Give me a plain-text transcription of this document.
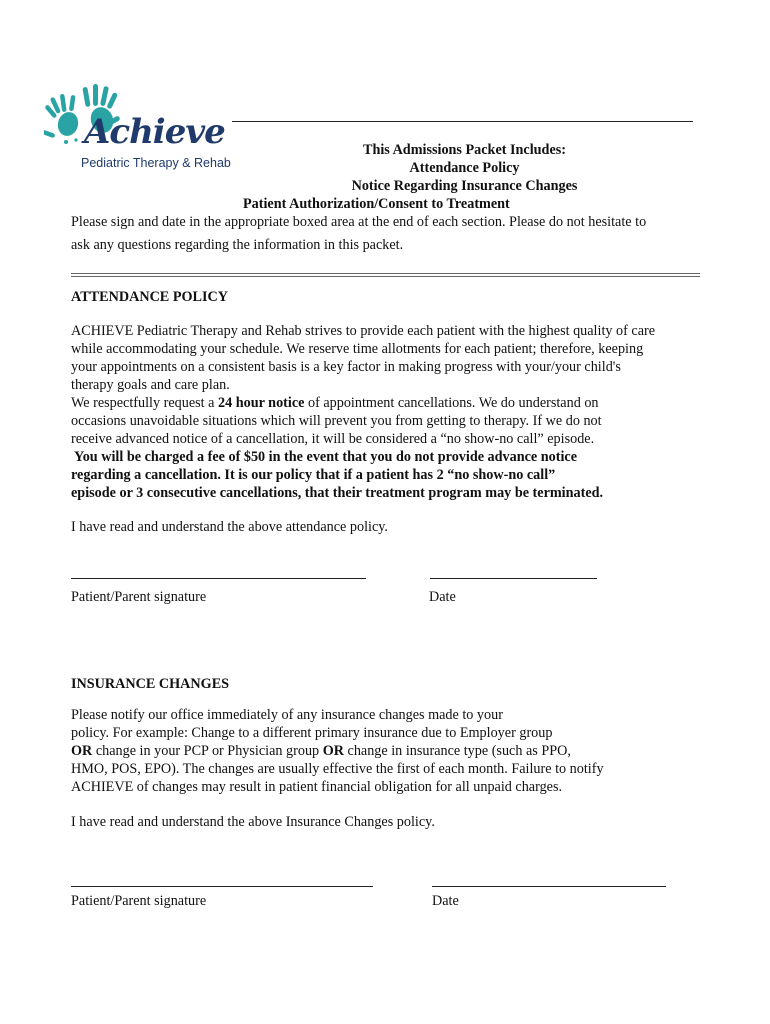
Achieve
Pediatric Therapy & Rehab
This Admissions Packet Includes:
Attendance Policy
Notice Regarding Insurance Changes
Patient Authorization/Consent to Treatment
Please sign and date in the appropriate boxed area at the end of each section. Please do not hesitate to
ask any questions regarding the information in this packet.
ATTENDANCE POLICY
ACHIEVE Pediatric Therapy and Rehab strives to provide each patient with the highest quality of care
while accommodating your schedule. We reserve time allotments for each patient; therefore, keeping
your appointments on a consistent basis is a key factor in making progress with your/your child's
therapy goals and care plan.
We respectfully request a 24 hour notice of appointment cancellations. We do understand on
occasions unavoidable situations which will prevent you from getting to therapy. If we do not
receive advanced notice of a cancellation, it will be considered a “no show-no call” episode.
You will be charged a fee of $50 in the event that you do not provide advance notice
regarding a cancellation. It is our policy that if a patient has 2 “no show-no call”
episode or 3 consecutive cancellations, that their treatment program may be terminated.
I have read and understand the above attendance policy.
Patient/Parent signature	Date
INSURANCE CHANGES
Please notify our office immediately of any insurance changes made to your
policy. For example: Change to a different primary insurance due to Employer group
OR change in your PCP or Physician group OR change in insurance type (such as PPO,
HMO, POS, EPO). The changes are usually effective the first of each month. Failure to notify
ACHIEVE of changes may result in patient financial obligation for all unpaid charges.
I have read and understand the above Insurance Changes policy.
Patient/Parent signature	Date
